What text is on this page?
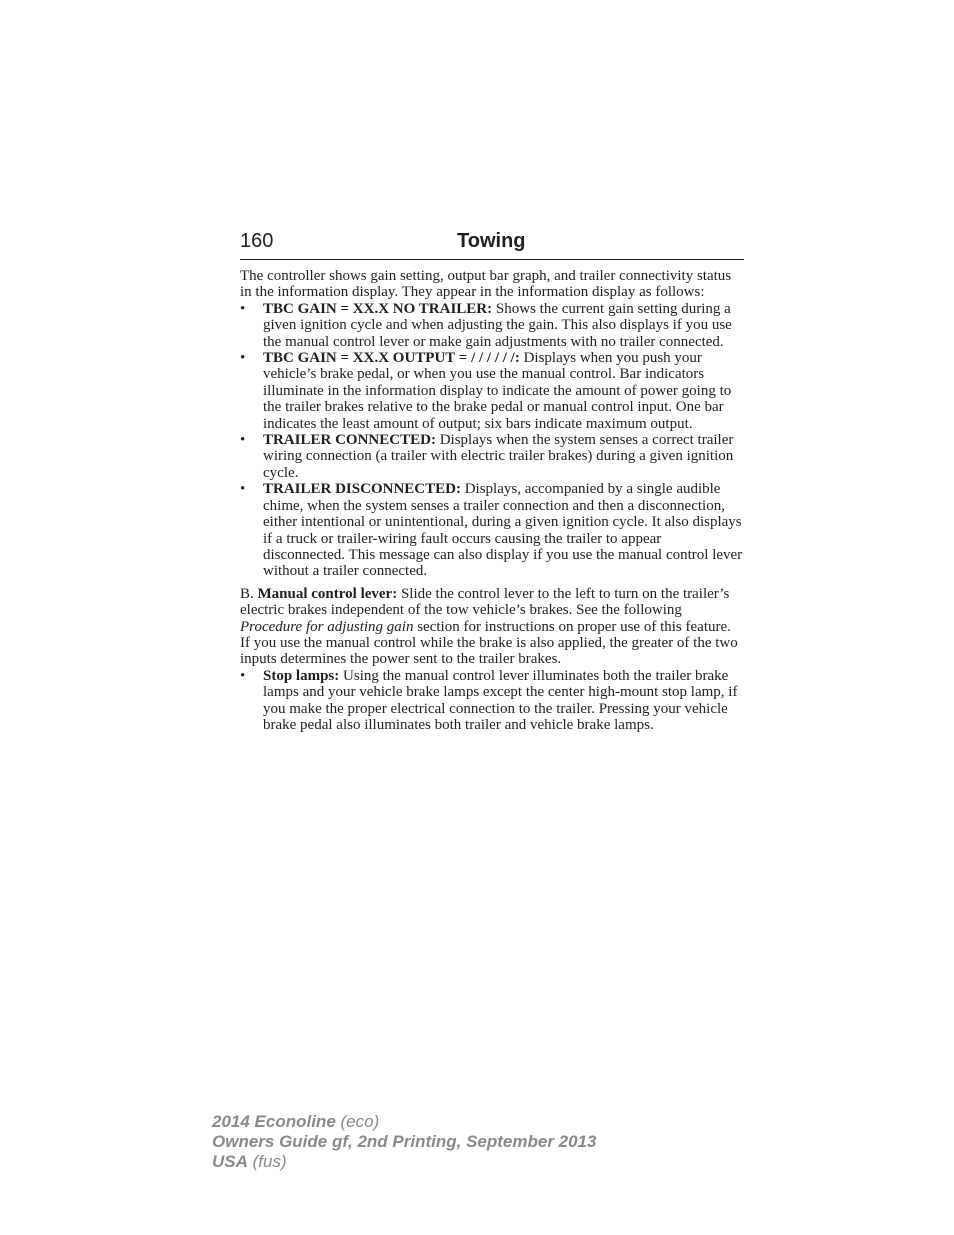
160	Towing

The controller shows gain setting, output bar graph, and trailer connectivity status in the information display. They appear in the information display as follows:

• TBC GAIN = XX.X NO TRAILER: Shows the current gain setting during a given ignition cycle and when adjusting the gain. This also displays if you use the manual control lever or make gain adjustments with no trailer connected.
• TBC GAIN = XX.X OUTPUT = / / / / / /: Displays when you push your vehicle’s brake pedal, or when you use the manual control. Bar indicators illuminate in the information display to indicate the amount of power going to the trailer brakes relative to the brake pedal or manual control input. One bar indicates the least amount of output; six bars indicate maximum output.
• TRAILER CONNECTED: Displays when the system senses a correct trailer wiring connection (a trailer with electric trailer brakes) during a given ignition cycle.
• TRAILER DISCONNECTED: Displays, accompanied by a single audible chime, when the system senses a trailer connection and then a disconnection, either intentional or unintentional, during a given ignition cycle. It also displays if a truck or trailer-wiring fault occurs causing the trailer to appear disconnected. This message can also display if you use the manual control lever without a trailer connected.

B. Manual control lever: Slide the control lever to the left to turn on the trailer’s electric brakes independent of the tow vehicle’s brakes. See the following Procedure for adjusting gain section for instructions on proper use of this feature. If you use the manual control while the brake is also applied, the greater of the two inputs determines the power sent to the trailer brakes.

• Stop lamps: Using the manual control lever illuminates both the trailer brake lamps and your vehicle brake lamps except the center high-mount stop lamp, if you make the proper electrical connection to the trailer. Pressing your vehicle brake pedal also illuminates both trailer and vehicle brake lamps.
2014 Econoline (eco)
Owners Guide gf, 2nd Printing, September 2013
USA (fus)
